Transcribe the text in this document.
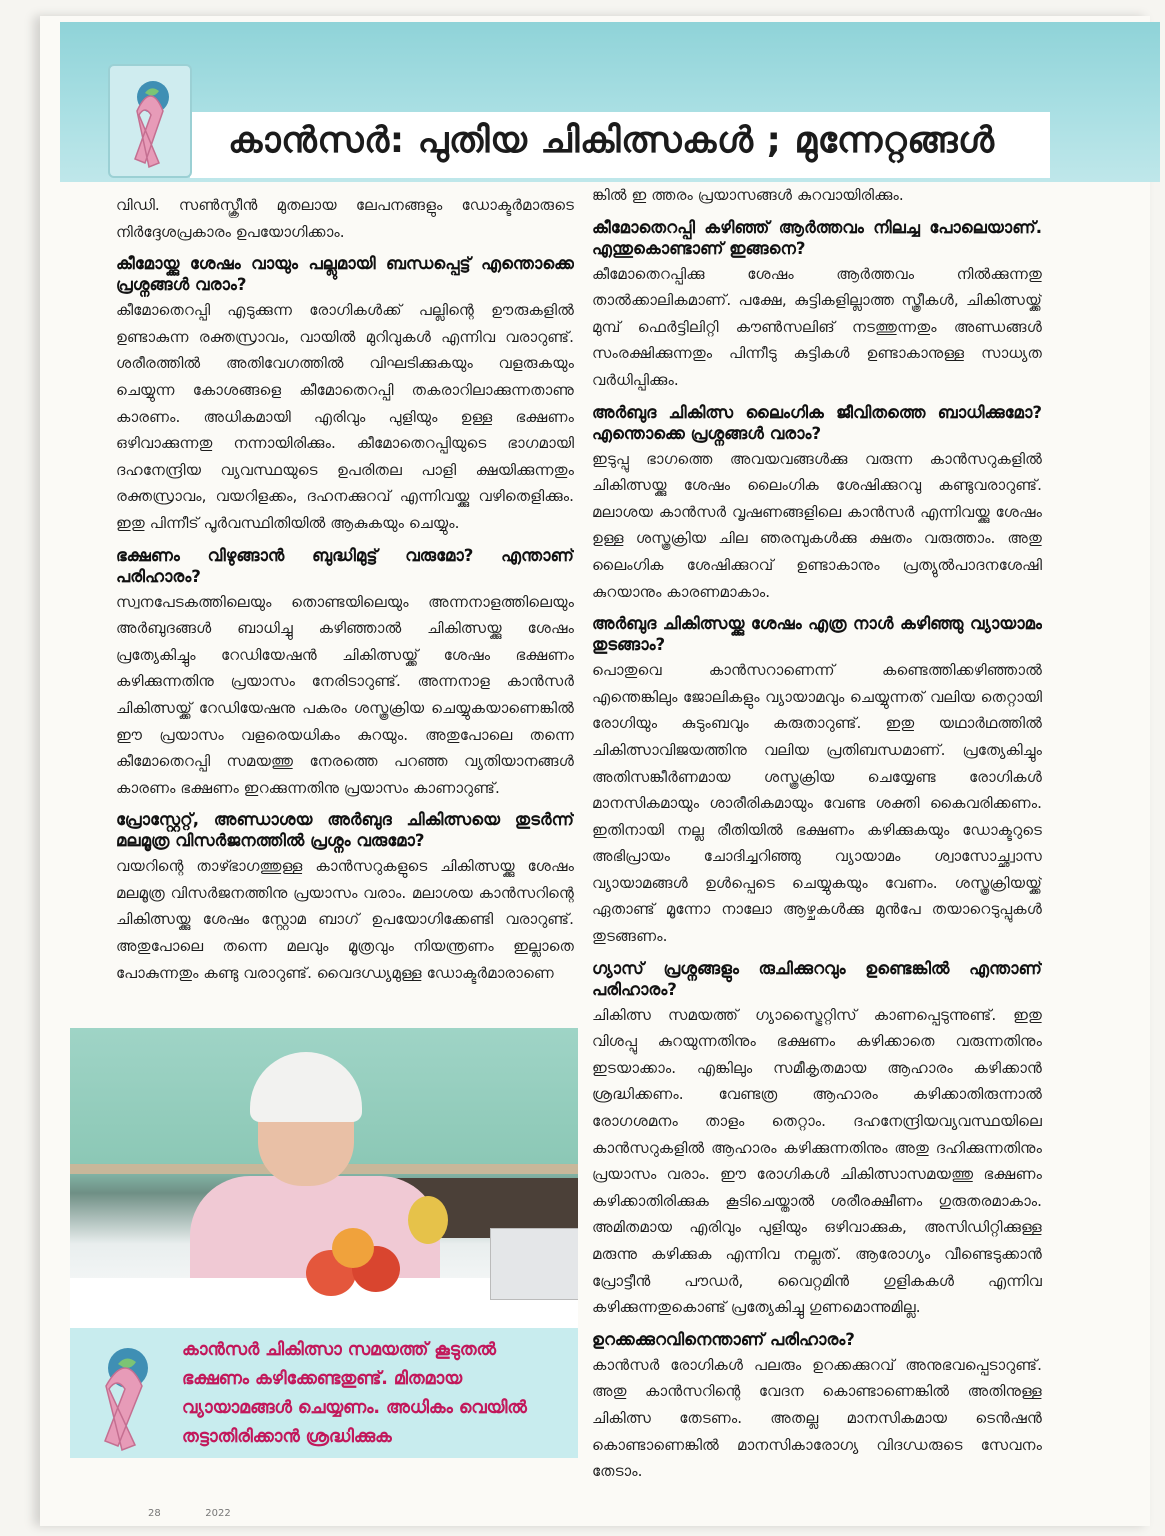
കാൻസർ: പുതിയ ചികിത്സകൾ ; മുന്നേറ്റങ്ങൾ

വിഡി. സൺസ്ക്രീൻ മുതലായ ലേപനങ്ങളും ഡോക്ടർമാരുടെ നിർദ്ദേശപ്രകാരം ഉപയോഗിക്കാം.

കീമോയ്ക്കു ശേഷം വായും പല്ലുമായി ബന്ധപ്പെട്ട് എന്തൊക്കെ പ്രശ്നങ്ങൾ വരാം?

കീമോതെറപ്പി എടുക്കുന്ന രോഗികൾക്ക് പല്ലിന്റെ ഊരുകളിൽ ഉണ്ടാകുന്ന രക്തസ്രാവം, വായിൽ മുറിവുകൾ എന്നിവ വരാറുണ്ട്. ശരീരത്തിൽ അതിവേഗത്തിൽ വിഘടിക്കുകയും വളരുകയും ചെയ്യുന്ന കോശങ്ങളെ കീമോതെറപ്പി തകരാറിലാക്കുന്നതാണു കാരണം. അധികമായി എരിവും പുളിയും ഉള്ള ഭക്ഷണം ഒഴിവാക്കുന്നതു നന്നായിരിക്കും. കീമോതെറപ്പിയുടെ ഭാഗമായി ദഹനേന്ദ്രിയ വ്യവസ്ഥയുടെ ഉപരിതല പാളി ക്ഷയിക്കുന്നതും രക്തസ്രാവം, വയറിളക്കം, ദഹനക്കുറവ് എന്നിവയ്ക്കു വഴിതെളിക്കും. ഇതു പിന്നീട് പൂർവസ്ഥിതിയിൽ ആകുകയും ചെയ്യും.

ഭക്ഷണം വിഴുങ്ങാൻ ബുദ്ധിമുട്ട് വരുമോ? എന്താണ് പരിഹാരം?

സ്വനപേടകത്തിലെയും തൊണ്ടയിലെയും അന്നനാളത്തിലെയും അർബുദങ്ങൾ ബാധിച്ചു കഴിഞ്ഞാൽ ചികിത്സയ്ക്കു ശേഷം പ്രത്യേകിച്ചും റേഡിയേഷൻ ചികിത്സയ്ക്ക് ശേഷം ഭക്ഷണം കഴിക്കുന്നതിനു പ്രയാസം നേരിടാറുണ്ട്. അന്നനാള കാൻസർ ചികിത്സയ്ക്ക് റേഡിയേഷനു പകരം ശസ്ത്രക്രിയ ചെയ്യുകയാണെങ്കിൽ ഈ പ്രയാസം വളരെയധികം കുറയും. അതുപോലെ തന്നെ കീമോതെറപ്പി സമയത്തു നേരത്തെ പറഞ്ഞ വ്യതിയാനങ്ങൾ കാരണം ഭക്ഷണം ഇറക്കുന്നതിനു പ്രയാസം കാണാറുണ്ട്.

പ്രോസ്റ്റേറ്റ്, അണ്ഡാശയ അർബുദ ചികിത്സയെ തുടർന്ന് മലമൂത്ര വിസർജനത്തിൽ പ്രശ്നം വരുമോ?

വയറിന്റെ താഴ്ഭാഗത്തുള്ള കാൻസറുകളുടെ ചികിത്സയ്ക്കു ശേഷം മലമൂത്ര വിസർജനത്തിനു പ്രയാസം വരാം. മലാശയ കാൻസറിന്റെ ചികിത്സയ്ക്കു ശേഷം സ്റ്റോമ ബാഗ് ഉപയോഗിക്കേണ്ടി വരാറുണ്ട്. അതുപോലെ തന്നെ മലവും മൂത്രവും നിയന്ത്രണം ഇല്ലാതെ പോകുന്നതും കണ്ടു വരാറുണ്ട്. വൈദഗ്ധ്യമുള്ള ഡോക്ടർമാരാണെ

കാൻസർ ചികിത്സാ സമയത്ത് കൂടുതൽ ഭക്ഷണം കഴിക്കേണ്ടതുണ്ട്. മിതമായ വ്യായാമങ്ങൾ ചെയ്യണം. അധികം വെയിൽ തട്ടാതിരിക്കാൻ ശ്രദ്ധിക്കുക

ങ്കിൽ ഇ ത്തരം പ്രയാസങ്ങൾ കുറവായിരിക്കും.

കീമോതെറപ്പി കഴിഞ്ഞ് ആർത്തവം നിലച്ച പോലെയാണ്. എന്തുകൊണ്ടാണ് ഇങ്ങനെ?

കീമോതെറപ്പിക്കു ശേഷം ആർത്തവം നിൽക്കുന്നതു താൽക്കാലികമാണ്. പക്ഷേ, കുട്ടികളില്ലാത്ത സ്ത്രീകൾ, ചികിത്സയ്ക്ക് മുമ്പ് ഫെർട്ടിലിറ്റി കൗൺസലിങ് നടത്തുന്നതും അണ്ഡങ്ങൾ സംരക്ഷിക്കുന്നതും പിന്നീടു കുട്ടികൾ ഉണ്ടാകാനുള്ള സാധ്യത വർധിപ്പിക്കും.

അർബുദ ചികിത്സ ലൈംഗിക ജീവിതത്തെ ബാധിക്കുമോ? എന്തൊക്കെ പ്രശ്നങ്ങൾ വരാം?

ഇടുപ്പു ഭാഗത്തെ അവയവങ്ങൾക്കു വരുന്ന കാൻസറുകളിൽ ചികിത്സയ്ക്കു ശേഷം ലൈംഗിക ശേഷിക്കുറവു കണ്ടുവരാറുണ്ട്. മലാശയ കാൻസർ വൃഷണങ്ങളിലെ കാൻസർ എന്നിവയ്ക്കു ശേഷം ഉള്ള ശസ്ത്രക്രിയ ചില ഞരമ്പുകൾക്കു ക്ഷതം വരുത്താം. അതു ലൈംഗിക ശേഷിക്കുറവ് ഉണ്ടാകാനും പ്രത്യുൽപാദനശേഷി കുറയാനും കാരണമാകാം.

അർബുദ ചികിത്സയ്ക്കു ശേഷം എത്ര നാൾ കഴിഞ്ഞു വ്യായാമം തുടങ്ങാം?

പൊതുവെ കാൻസറാണെന്ന് കണ്ടെത്തിക്കഴിഞ്ഞാൽ എന്തെങ്കിലും ജോലികളും വ്യായാമവും ചെയ്യുന്നത് വലിയ തെറ്റായി രോഗിയും കുടുംബവും കരുതാറുണ്ട്. ഇതു യഥാർഥത്തിൽ ചികിത്സാവിജയത്തിനു വലിയ പ്രതിബന്ധമാണ്. പ്രത്യേകിച്ചും അതിസങ്കീർണമായ ശസ്ത്രക്രിയ ചെയ്യേണ്ട രോഗികൾ മാനസികമായും ശാരീരികമായും വേണ്ട ശക്തി കൈവരിക്കണം. ഇതിനായി നല്ല രീതിയിൽ ഭക്ഷണം കഴിക്കുകയും ഡോക്ടറുടെ അഭിപ്രായം ചോദിച്ചറിഞ്ഞു വ്യായാമം ശ്വാസോച്ഛ്വാസ വ്യായാമങ്ങൾ ഉൾപ്പെടെ ചെയ്യുകയും വേണം. ശസ്ത്രക്രിയയ്ക്ക് ഏതാണ്ട് മൂന്നോ നാലോ ആഴ്ചകൾക്കു മുൻപേ തയാറെടുപ്പുകൾ തുടങ്ങണം.

ഗ്യാസ് പ്രശ്നങ്ങളും രുചിക്കുറവും ഉണ്ടെങ്കിൽ എന്താണ് പരിഹാരം?

ചികിത്സ സമയത്ത് ഗ്യാസ്ട്രൈറ്റിസ് കാണപ്പെടുന്നുണ്ട്. ഇതു വിശപ്പു കുറയുന്നതിനും ഭക്ഷണം കഴിക്കാതെ വരുന്നതിനും ഇടയാക്കാം. എങ്കിലും സമീകൃതമായ ആഹാരം കഴിക്കാൻ ശ്രദ്ധിക്കണം. വേണ്ടത്ര ആഹാരം കഴിക്കാതിരുന്നാൽ രോഗശമനം താളം തെറ്റാം. ദഹനേന്ദ്രിയവ്യവസ്ഥയിലെ കാൻസറുകളിൽ ആഹാരം കഴിക്കുന്നതിനും അതു ദഹിക്കുന്നതിനും പ്രയാസം വരാം. ഈ രോഗികൾ ചികിത്സാസമയത്തു ഭക്ഷണം കഴിക്കാതിരിക്കുക കൂടിചെയ്താൽ ശരീരക്ഷീണം ഗുരുതരമാകാം. അമിതമായ എരിവും പുളിയും ഒഴിവാക്കുക, അസിഡിറ്റിക്കുള്ള മരുന്നു കഴിക്കുക എന്നിവ നല്ലത്. ആരോഗ്യം വീണ്ടെടുക്കാൻ പ്രോട്ടീൻ പൗഡർ, വൈറ്റമിൻ ഗുളികകൾ എന്നിവ കഴിക്കുന്നതുകൊണ്ട് പ്രത്യേകിച്ചു ഗുണമൊന്നുമില്ല.

ഉറക്കക്കുറവിനെന്താണ് പരിഹാരം?

കാൻസർ രോഗികൾ പലരും ഉറക്കക്കുറവ് അനുഭവപ്പെടാറുണ്ട്. അതു കാൻസറിന്റെ വേദന കൊണ്ടാണെങ്കിൽ അതിനുള്ള ചികിത്സ തേടണം. അതല്ല മാനസികമായ ടെൻഷൻ കൊണ്ടാണെങ്കിൽ മാനസികാരോഗ്യ വിദഗ്ധരുടെ സേവനം തേടാം.

28	2022
